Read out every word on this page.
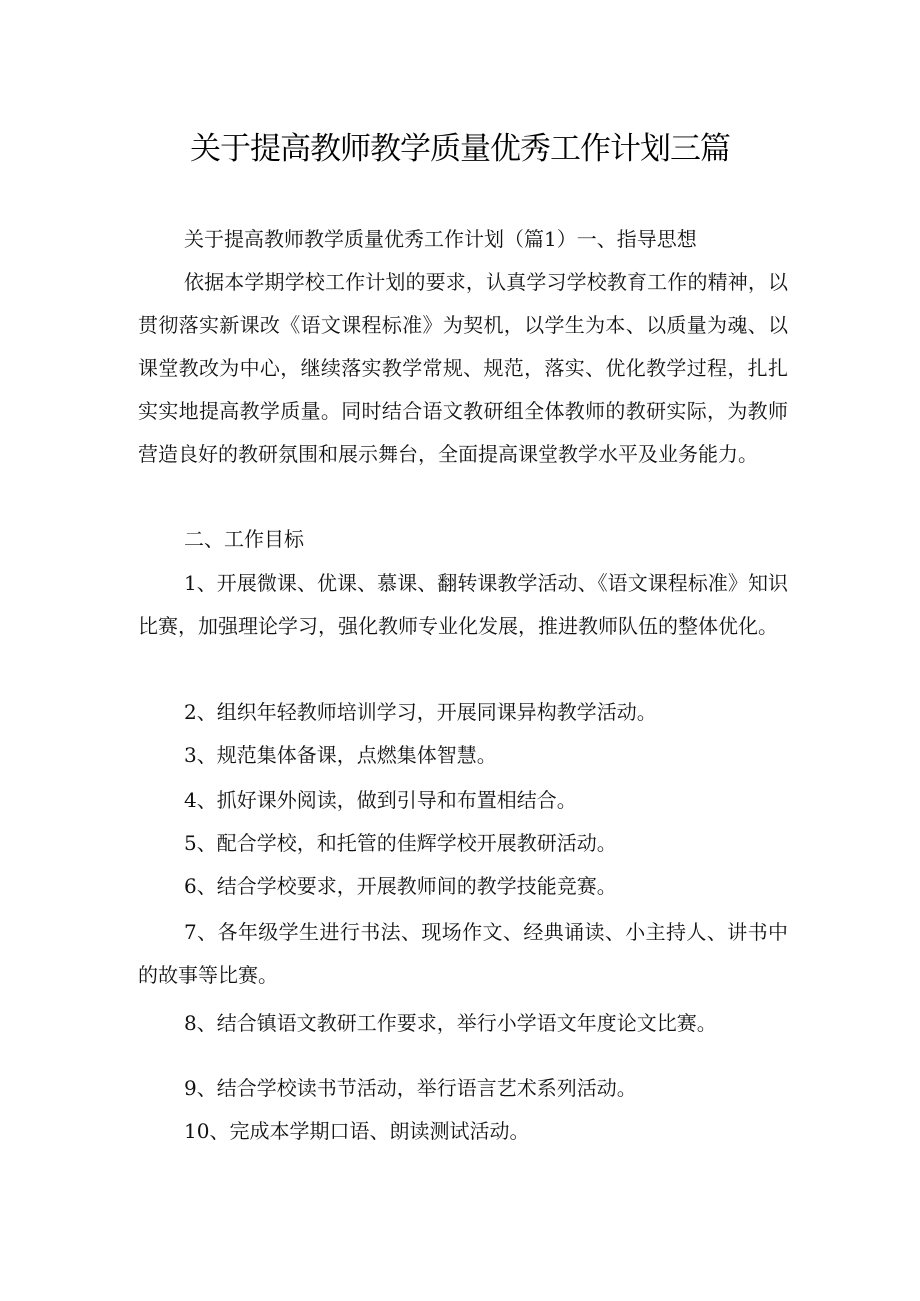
关于提高教师教学质量优秀工作计划三篇

关于提高教师教学质量优秀工作计划（篇1）一、指导思想

依据本学期学校工作计划的要求，认真学习学校教育工作的精神，以贯彻落实新课改《语文课程标准》为契机，以学生为本、以质量为魂、以课堂教改为中心，继续落实教学常规、规范，落实、优化教学过程，扎扎实实地提高教学质量。同时结合语文教研组全体教师的教研实际，为教师营造良好的教研氛围和展示舞台，全面提高课堂教学水平及业务能力。

二、工作目标

1、开展微课、优课、慕课、翻转课教学活动、《语文课程标准》知识比赛，加强理论学习，强化教师专业化发展，推进教师队伍的整体优化。

2、组织年轻教师培训学习，开展同课异构教学活动。

3、规范集体备课，点燃集体智慧。

4、抓好课外阅读，做到引导和布置相结合。

5、配合学校，和托管的佳辉学校开展教研活动。

6、结合学校要求，开展教师间的教学技能竞赛。

7、各年级学生进行书法、现场作文、经典诵读、小主持人、讲书中的故事等比赛。

8、结合镇语文教研工作要求，举行小学语文年度论文比赛。

9、结合学校读书节活动，举行语言艺术系列活动。

10、完成本学期口语、朗读测试活动。
